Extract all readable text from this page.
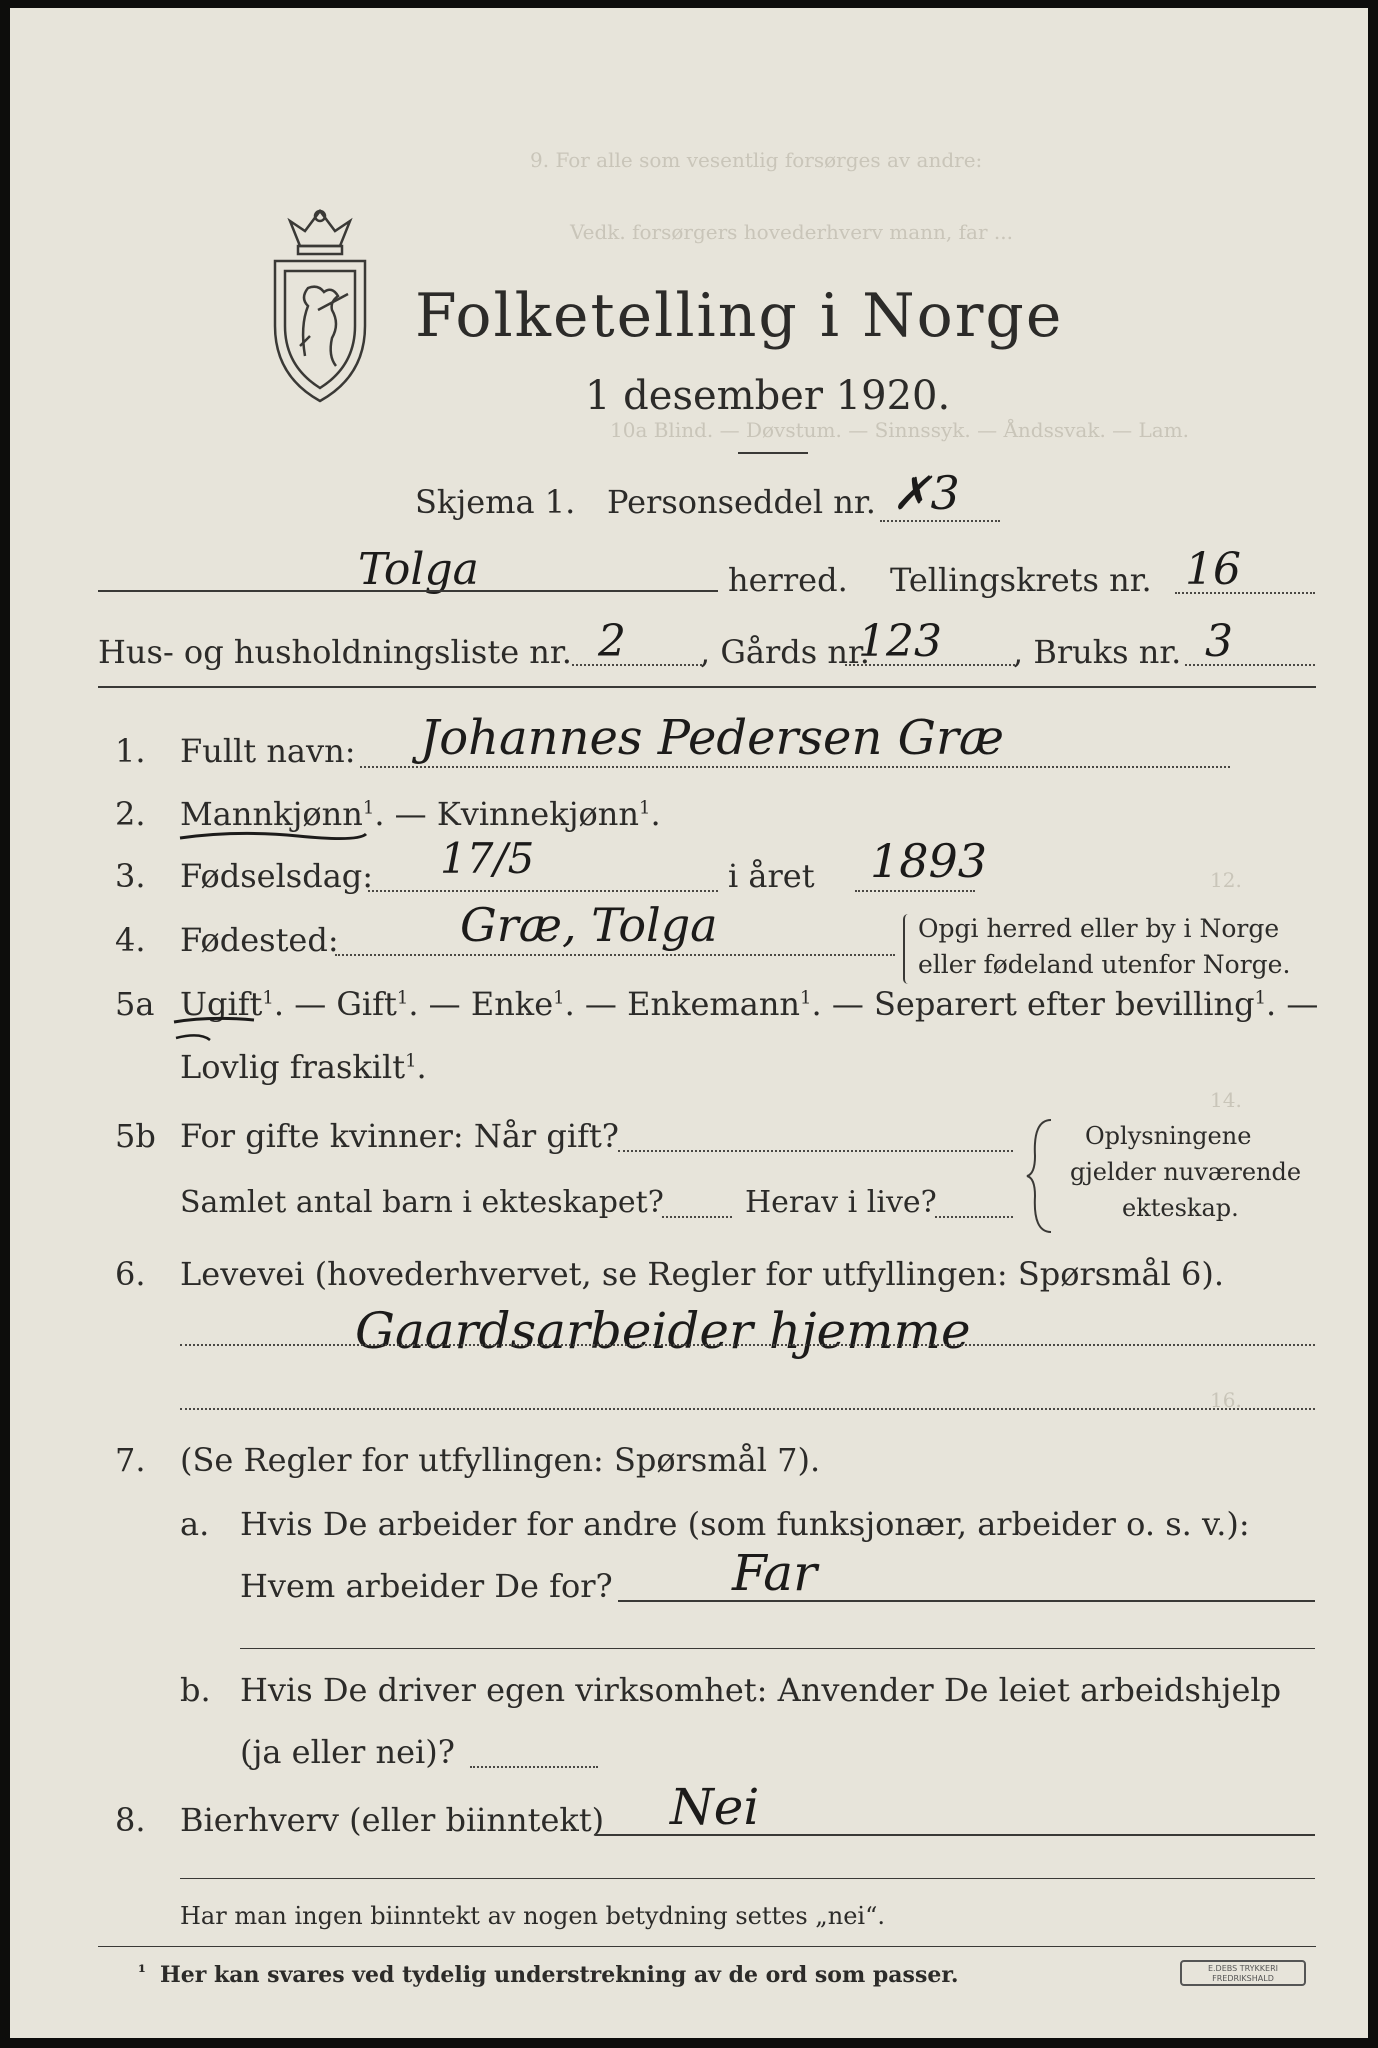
9. For alle som vesentlig forsørges av andre:
Vedk. forsørgers hovederhverv mann, far ...
10a Blind. — Døvstum. — Sinnssyk. — Åndssvak. — Lam.
12.
14.
16.
Folketelling i Norge
1 desember 1920.
Skjema 1. Personseddel nr. ✗3
Tolga	herred. Tellingskrets nr. 16
Hus- og husholdningsliste nr. 2 , Gårds nr.
123 , Bruks nr. 3
1. Fullt navn: Johannes Pedersen Græ
2. Mannkjønn$^1$. — Kvinnekjønn$^1$.
3. Fødselsdag: 17/5	i året 1893
4. Fødested:	Græ, Tolga	Opgi herred eller by i Norge
eller fødeland utenfor Norge.
5a Ugift$^1$. — Gift$^1$. — Enke$^1$. — Enkemann$^1$. — Separert efter bevilling$^1$. —
Lovlig fraskilt$^1$.
5b For gifte kvinner: Når gift?
Samlet antal barn i ekteskapet?	Herav i live?
Oplysningene
gjelder nuværende
ekteskap.
6. Levevei (hovederhvervet, se Regler for utfyllingen: Spørsmål 6).
Gaardsarbeider hjemme
7. (Se Regler for utfyllingen: Spørsmål 7).
a. Hvis De arbeider for andre (som funksjonær, arbeider o. s. v.):
Hvem arbeider De for? Far
b. Hvis De driver egen virksomhet: Anvender De leiet arbeidshjelp
(ja eller nei)?
8. Bierhverv (eller biinntekt) Nei
Har man ingen biinntekt av nogen betydning settes „nei“.
¹ Her kan svares ved tydelig understrekning av de ord som passer.	E.DEBS TRYKKERI
FREDRIKSHALD
